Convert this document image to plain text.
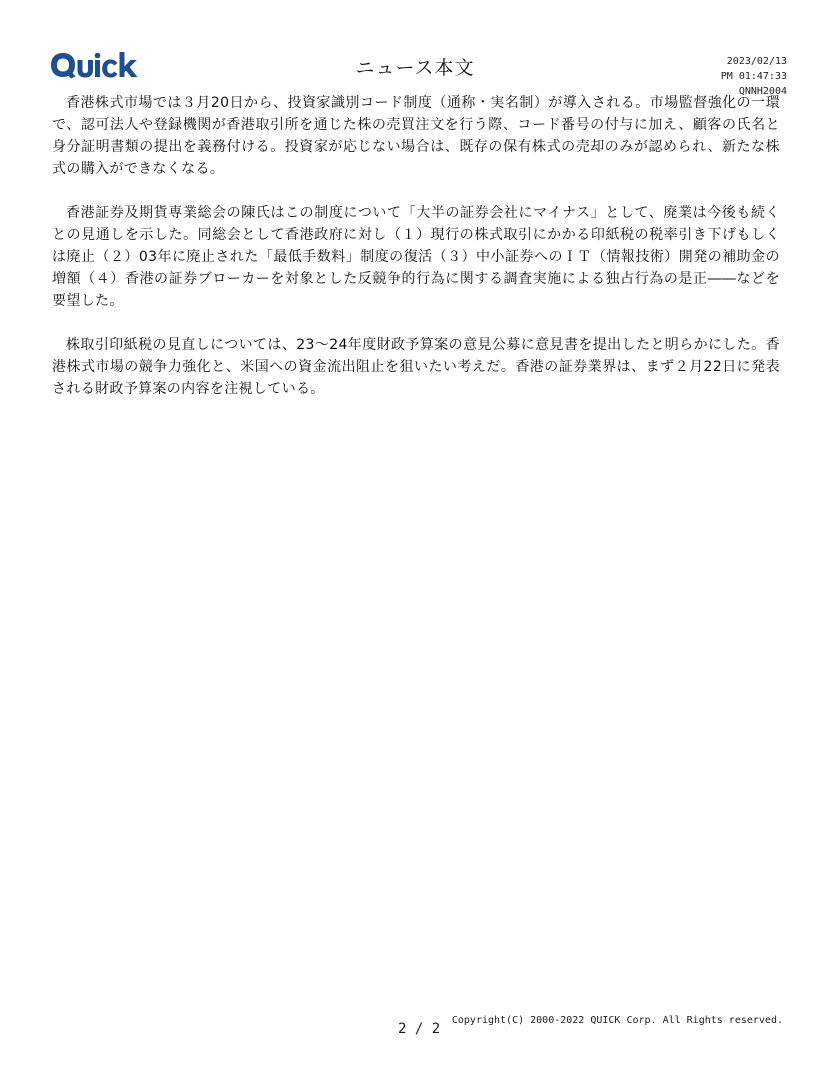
ニュース本文	2023/02/13
PM 01:47:33
QNNH2004

香港株式市場では３月20日から、投資家識別コード制度（通称・実名制）が導入される。市場監督強化の一環で、認可法人や登録機関が香港取引所を通じた株の売買注文を行う際、コード番号の付与に加え、顧客の氏名と身分証明書類の提出を義務付ける。投資家が応じない場合は、既存の保有株式の売却のみが認められ、新たな株式の購入ができなくなる。

香港証券及期貨専業総会の陳氏はこの制度について「大半の証券会社にマイナス」として、廃業は今後も続くとの見通しを示した。同総会として香港政府に対し（１）現行の株式取引にかかる印紙税の税率引き下げもしくは廃止（２）03年に廃止された「最低手数料」制度の復活（３）中小証券へのＩＴ（情報技術）開発の補助金の増額（４）香港の証券ブローカーを対象とした反競争的行為に関する調査実施による独占行為の是正――などを要望した。

株取引印紙税の見直しについては、23～24年度財政予算案の意見公募に意見書を提出したと明らかにした。香港株式市場の競争力強化と、米国への資金流出阻止を狙いたい考えだ。香港の証券業界は、まず２月22日に発表される財政予算案の内容を注視している。

2 / 2
Copyright(C) 2000-2022 QUICK Corp. All Rights reserved.
